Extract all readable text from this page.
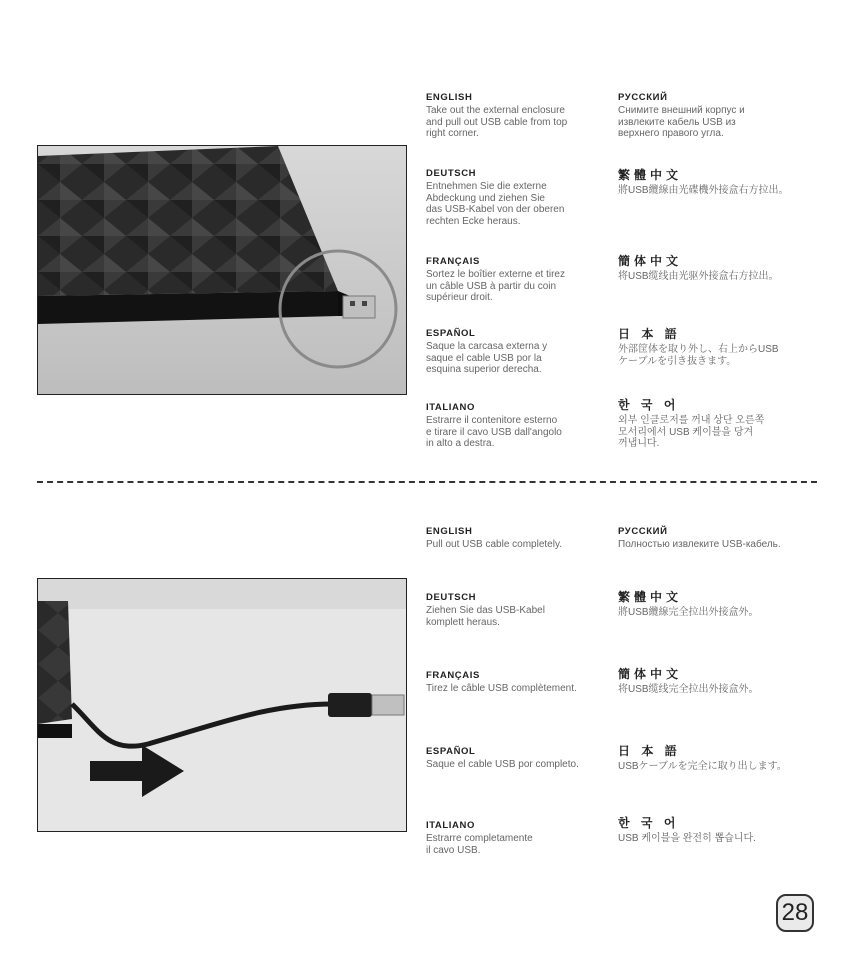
ENGLISH
Take out the external enclosure
and pull out USB cable from top
right corner.
РУССКИЙ
Снимите внешний корпус и
извлеките кабель USB из
верхнего правого угла.
DEUTSCH
Entnehmen Sie die externe
Abdeckung und ziehen Sie
das USB-Kabel von der oberen
rechten Ecke heraus.
繁體中文
將USB纜線由光碟機外接盒右方拉出。
FRANÇAIS
Sortez le boîtier externe et tirez
un câble USB à partir du coin
supérieur droit.
簡体中文
将USB缆线由光驱外接盒右方拉出。
ESPAÑOL
Saque la carcasa externa y
saque el cable USB por la
esquina superior derecha.
日 本 語
外部筐体を取り外し、右上からUSB
ケーブルを引き抜きます。
ITALIANO
Estrarre il contenitore esterno
e tirare il cavo USB dall'angolo
in alto a destra.
한 국 어
외부 인클로저를 꺼내 상단 오른쪽
모서리에서 USB 케이블을 당겨
꺼냅니다.
ENGLISH
Pull out USB cable completely.
РУССКИЙ
Полностью извлеките USB-кабель.
DEUTSCH
Ziehen Sie das USB-Kabel
komplett heraus.
繁體中文
將USB纜線完全拉出外接盒外。
FRANÇAIS
Tirez le câble USB complètement.
簡体中文
将USB缆线完全拉出外接盒外。
ESPAÑOL
Saque el cable USB por completo.
日 本 語
USBケーブルを完全に取り出します。
ITALIANO
Estrarre completamente
il cavo USB.
한 국 어
USB 케이블을 완전히 뽑습니다.
28
